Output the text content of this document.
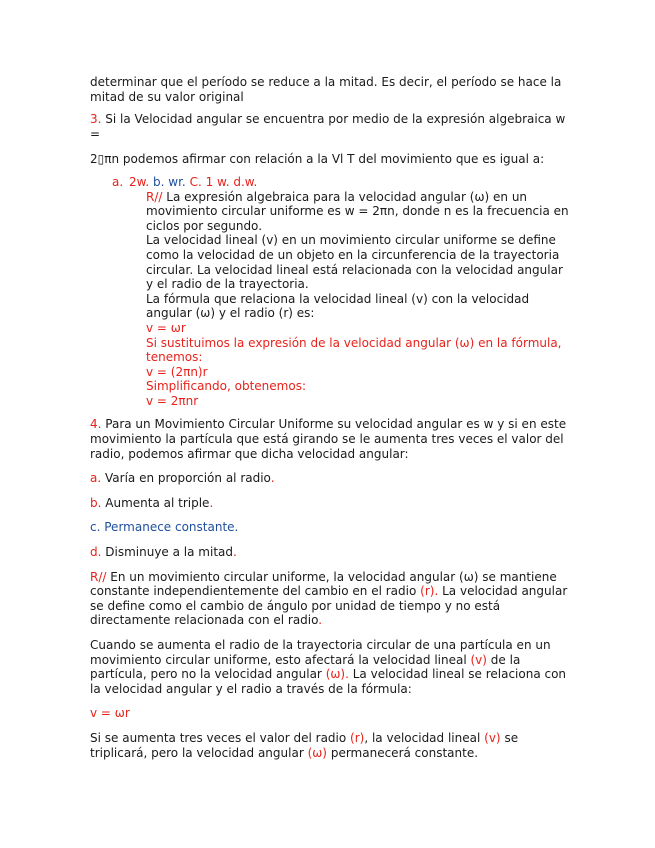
determinar que el período se reduce a la mitad. Es decir, el período se hace la mitad de su valor original

3. Si la Velocidad angular se encuentra por medio de la expresión algebraica w =

2▯πn podemos afirmar con relación a la Vl T del movimiento que es igual a:

a. 2w. b. wr. C. 1 w. d.w.

R// La expresión algebraica para la velocidad angular (ω) en un movimiento circular uniforme es w = 2πn, donde n es la frecuencia en ciclos por segundo.

La velocidad lineal (v) en un movimiento circular uniforme se define como la velocidad de un objeto en la circunferencia de la trayectoria circular. La velocidad lineal está relacionada con la velocidad angular y el radio de la trayectoria.

La fórmula que relaciona la velocidad lineal (v) con la velocidad angular (ω) y el radio (r) es:

v = ωr

Si sustituimos la expresión de la velocidad angular (ω) en la fórmula, tenemos:

v = (2πn)r

Simplificando, obtenemos:

v = 2πnr

4. Para un Movimiento Circular Uniforme su velocidad angular es w y si en este movimiento la partícula que está girando se le aumenta tres veces el valor del radio, podemos afirmar que dicha velocidad angular:

a. Varía en proporción al radio.

b. Aumenta al triple.

c. Permanece constante.

d. Disminuye a la mitad.

R// En un movimiento circular uniforme, la velocidad angular (ω) se mantiene constante independientemente del cambio en el radio (r). La velocidad angular se define como el cambio de ángulo por unidad de tiempo y no está directamente relacionada con el radio.

Cuando se aumenta el radio de la trayectoria circular de una partícula en un movimiento circular uniforme, esto afectará la velocidad lineal (v) de la partícula, pero no la velocidad angular (ω). La velocidad lineal se relaciona con la velocidad angular y el radio a través de la fórmula:

v = ωr

Si se aumenta tres veces el valor del radio (r), la velocidad lineal (v) se triplicará, pero la velocidad angular (ω) permanecerá constante.
